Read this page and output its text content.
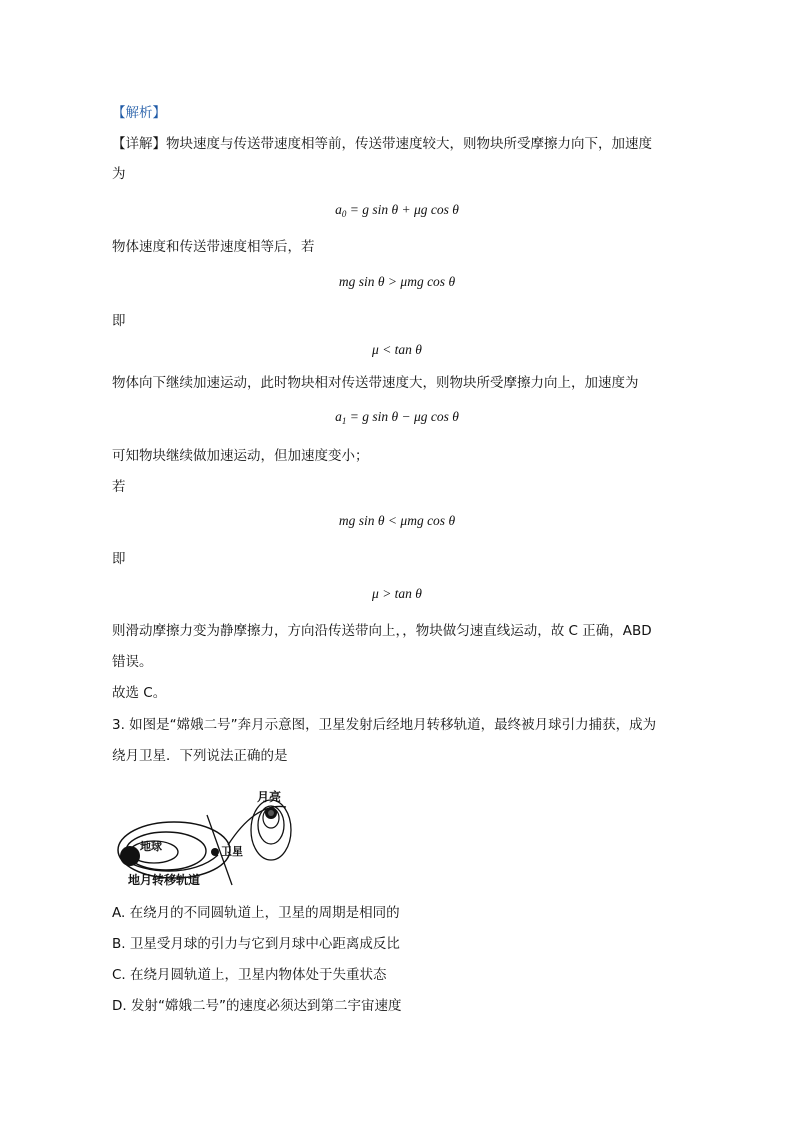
【解析】
【详解】物块速度与传送带速度相等前，传送带速度较大，则物块所受摩擦力向下，加速度
为
$a_0 = g$ sin θ + μg cos θ
物体速度和传送带速度相等后，若
mg sin θ > μmg cos θ
即
μ < tan θ
物体向下继续加速运动，此时物块相对传送带速度大，则物块所受摩擦力向上，加速度为
$a_1 = g$ sin θ − μg cos θ
可知物块继续做加速运动，但加速度变小；
若
mg sin θ < μmg cos θ
即
μ > tan θ
则滑动摩擦力变为静摩擦力，方向沿传送带向上，，物块做匀速直线运动，故 C 正确，ABD
错误。
故选 C。
3. 如图是“嫦娥二号”奔月示意图，卫星发射后经地月转移轨道，最终被月球引力捕获，成为
绕月卫星．下列说法正确的是
月亮
地球	卫星
地月转移轨道
A. 在绕月的不同圆轨道上，卫星的周期是相同的
B. 卫星受月球的引力与它到月球中心距离成反比
C. 在绕月圆轨道上，卫星内物体处于失重状态
D. 发射“嫦娥二号”的速度必须达到第二宇宙速度
